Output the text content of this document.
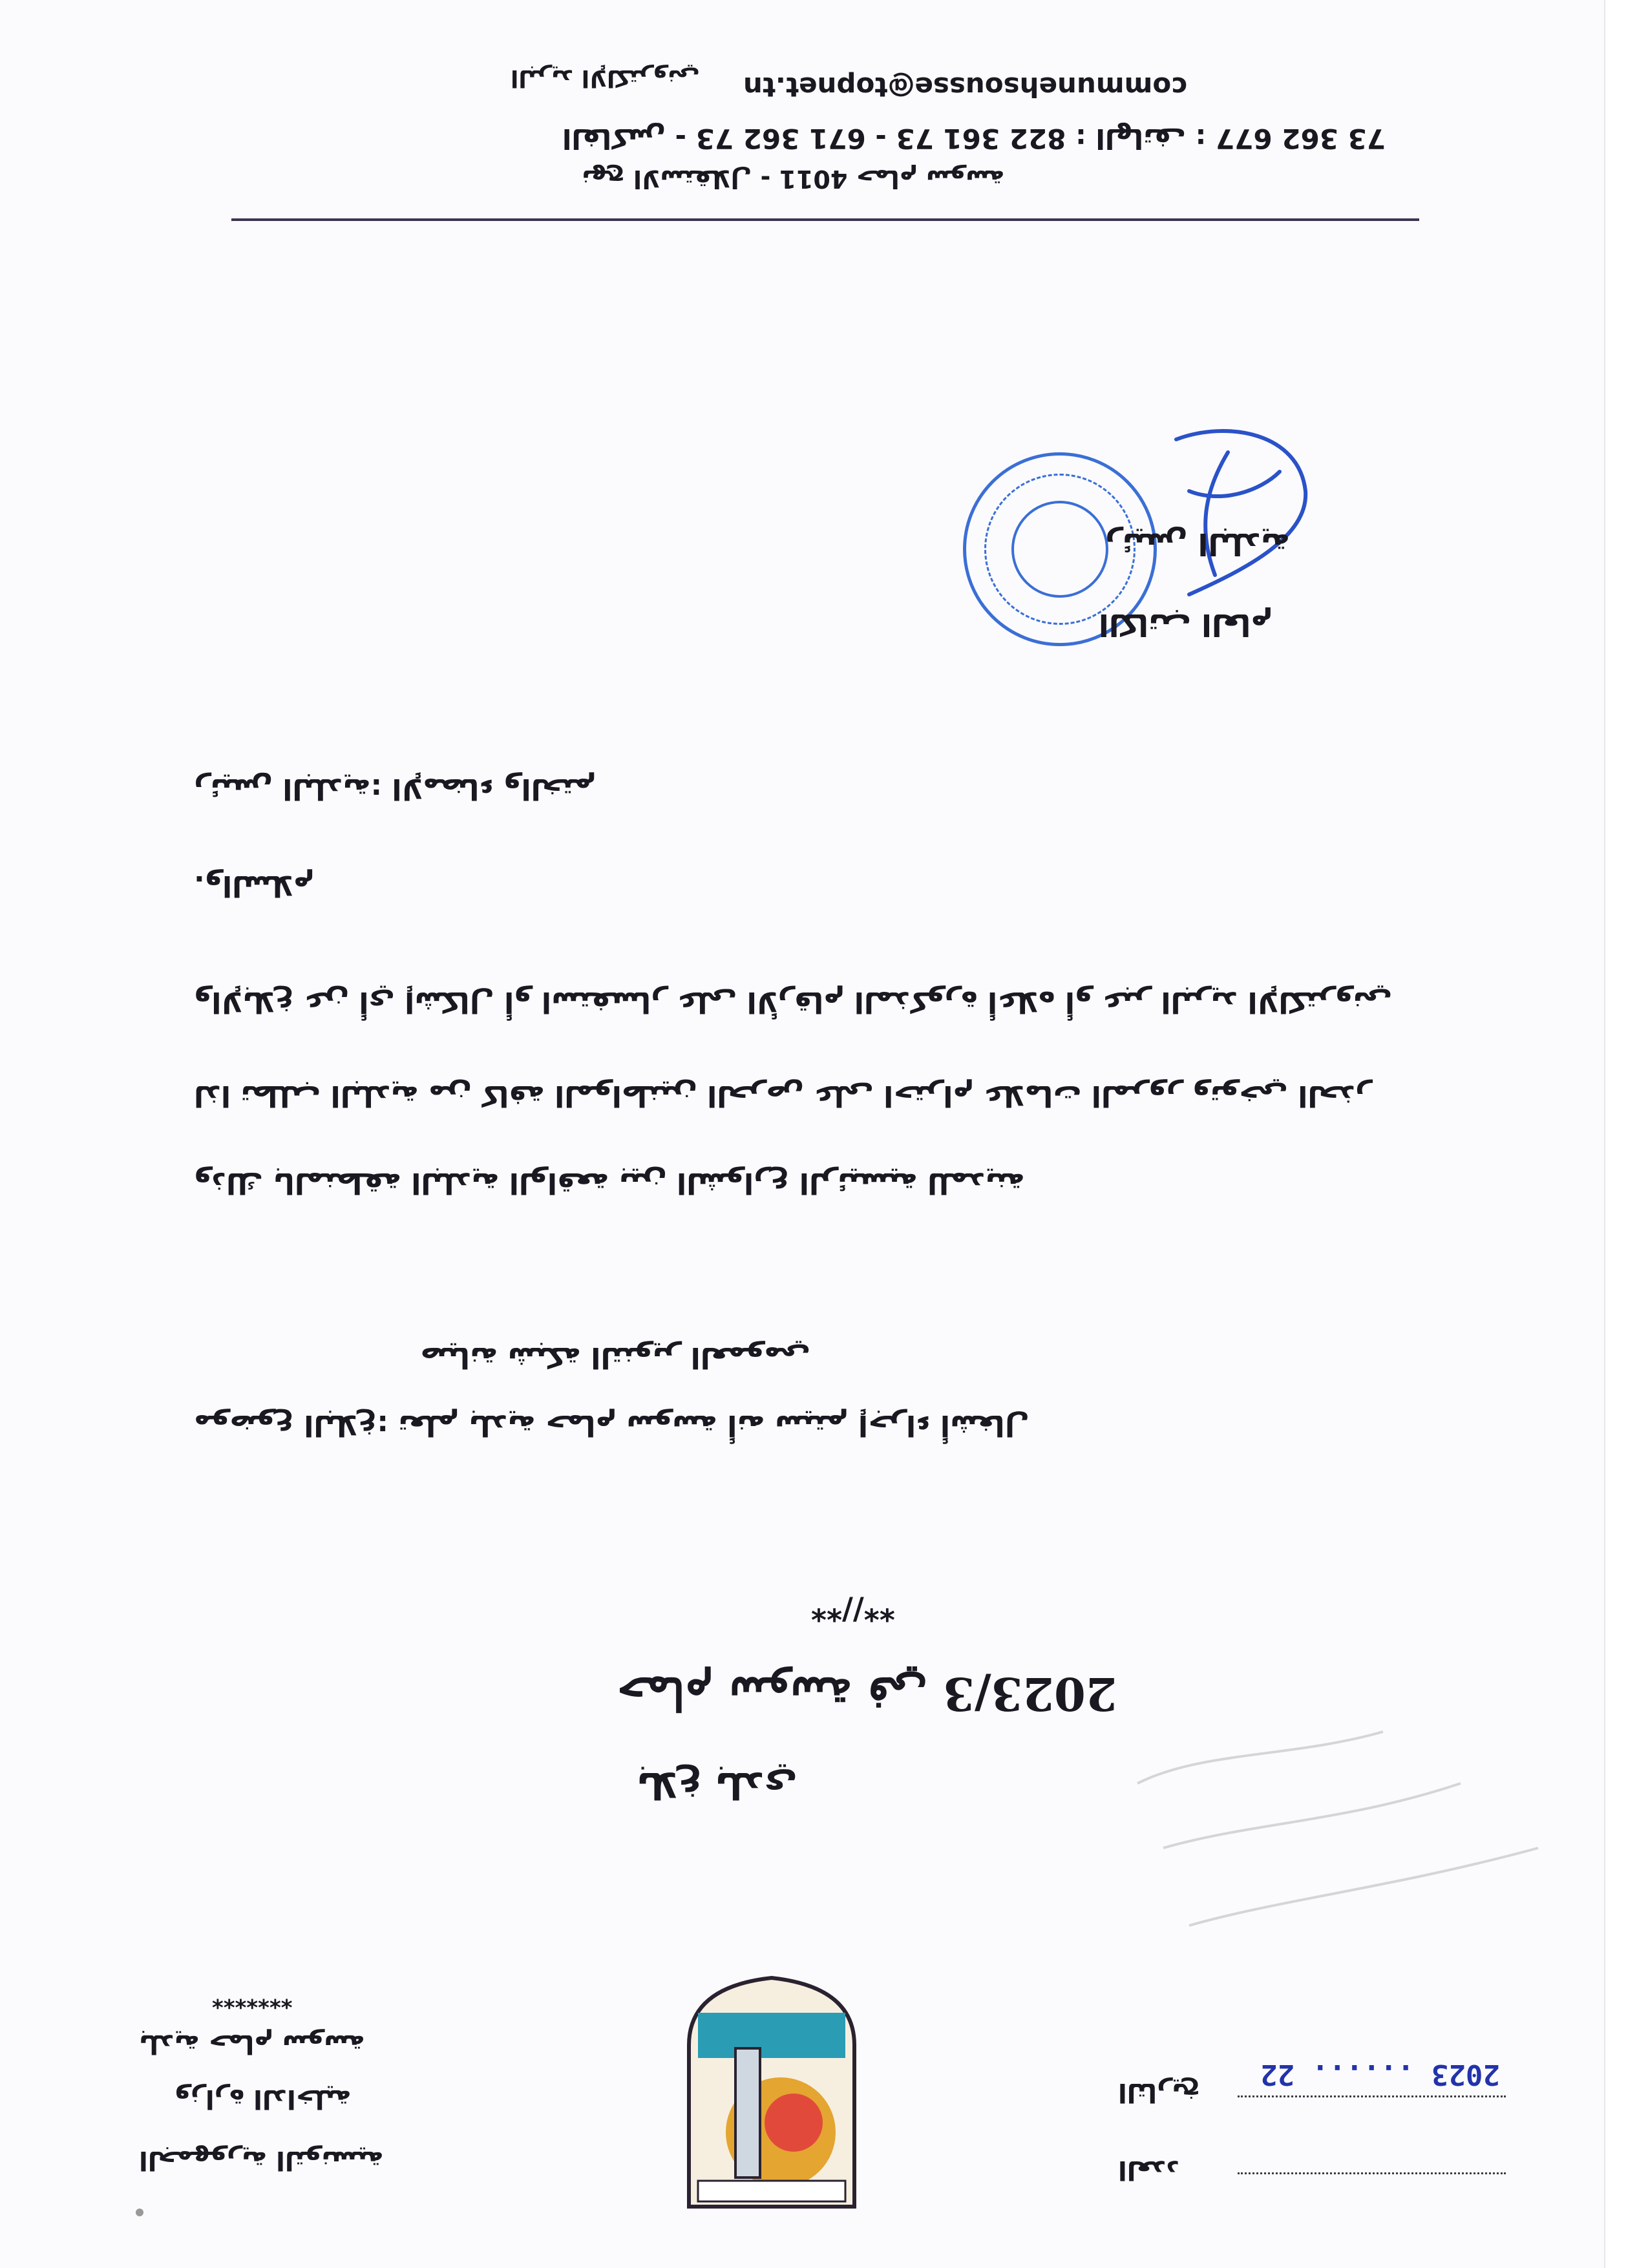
communehsousse@topnet.tn
البريد الإلكتروني
73 362 677 : الفاكس - 73 362 671 - 73 361 822 : الهاتف
نهج الاستقلال - 4011 حمام سوسة
رئيس البلدية
الكاتب العام
رئيس البلدية: الإمضاء والختم
والسلام.
والإبلاغ عن أي إشكال أو استفسار على الأرقام المذكورة أعلاه أو عبر البريد الإلكتروني
لذا تطلب البلدية من كافة المواطنين الحرص على احترام علامات المرور وتوخي الحذر
وذلك بالمنطقة البلدية الواقعة بين الشوارع الرئيسية للمدينة
صيانة شبكة التنوير العمومي
موضوع البلاغ: تعلم بلدية حمام سوسة أنه سيتم إجراء أشغال
**//**
حمام سوسة في 2023/3
بلاغ بلدي
*******
بلدية حمام سوسة
وزارة الداخلية
الجمهورية التونسية
2023 ...... 22
التاريخ
العدد
